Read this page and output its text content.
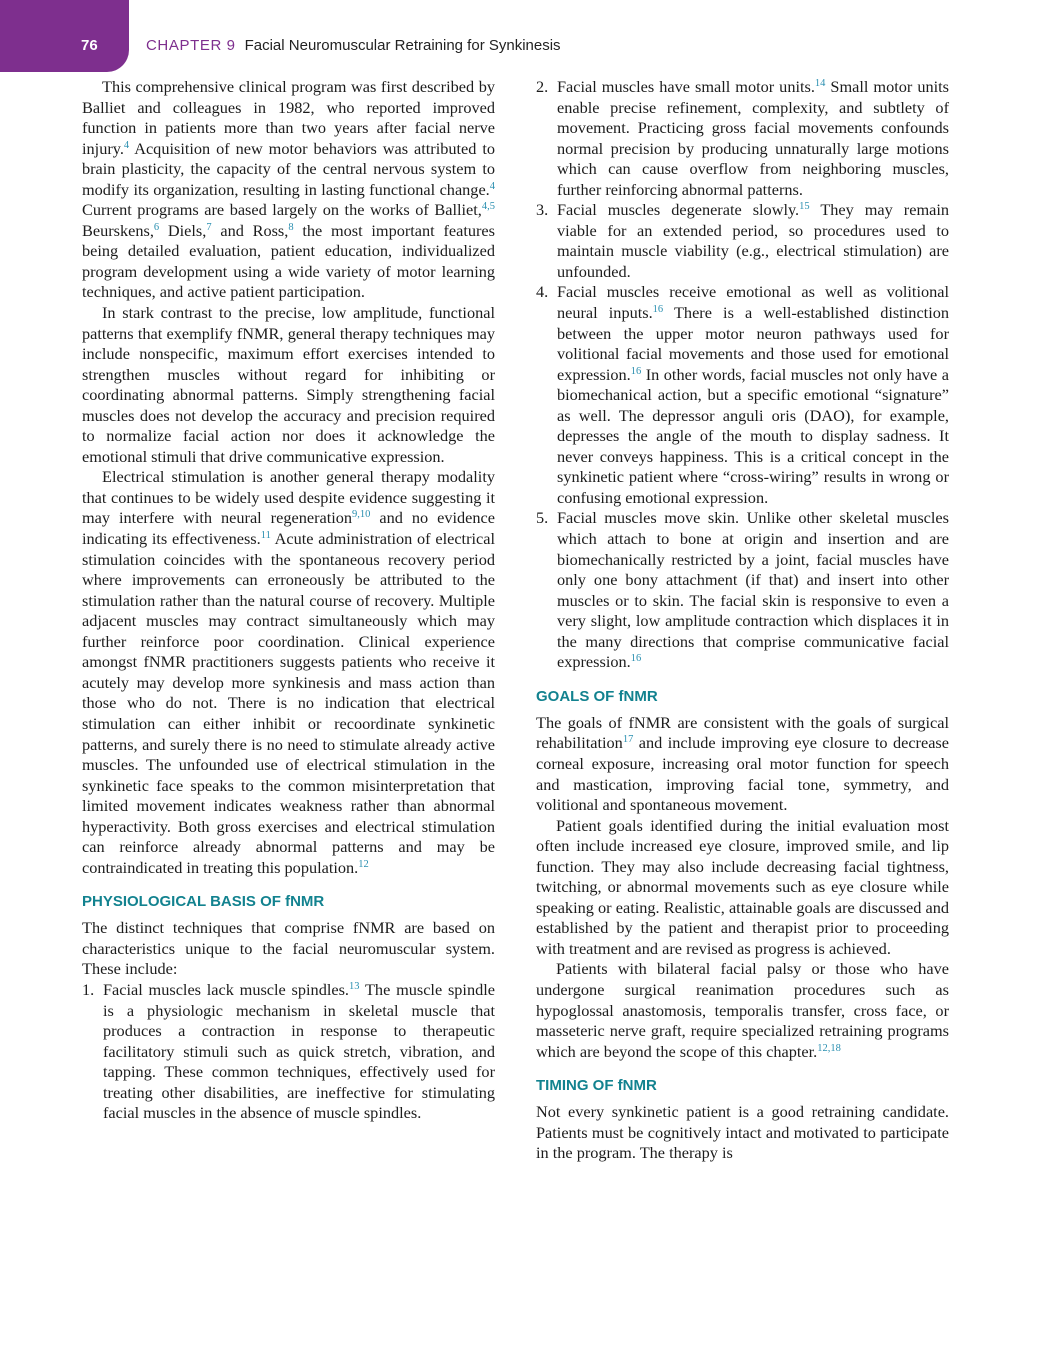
76	CHAPTER 9 Facial Neuromuscular Retraining for Synkinesis

This comprehensive clinical program was first described by Balliet and colleagues in 1982, who reported improved function in patients more than two years after facial nerve injury.$^4$ Acquisition of new motor behaviors was attributed to brain plasticity, the capacity of the central nervous system to modify its organization, resulting in lasting functional change.$^4$ Current programs are based largely on the works of Balliet,$^{4,5}$ Beurskens,$^6$ Diels,$^7$ and Ross,$^8$ the most important features being detailed evaluation, patient education, individualized program development using a wide variety of motor learning techniques, and active patient participation.

In stark contrast to the precise, low amplitude, functional patterns that exemplify fNMR, general therapy techniques may include nonspecific, maximum effort exercises intended to strengthen muscles without regard for inhibiting or coordinating abnormal patterns. Simply strengthening facial muscles does not develop the accuracy and precision required to normalize facial action nor does it acknowledge the emotional stimuli that drive communicative expression.

Electrical stimulation is another general therapy modality that continues to be widely used despite evidence suggesting it may interfere with neural regeneration$^{9,10}$ and no evidence indicating its effectiveness.$^{11}$ Acute administration of electrical stimulation coincides with the spontaneous recovery period where improvements can erroneously be attributed to the stimulation rather than the natural course of recovery. Multiple adjacent muscles may contract simultaneously which may further reinforce poor coordination. Clinical experience amongst fNMR practitioners suggests patients who receive it acutely may develop more synkinesis and mass action than those who do not. There is no indication that electrical stimulation can either inhibit or recoordinate synkinetic patterns, and surely there is no need to stimulate already active muscles. The unfounded use of electrical stimulation in the synkinetic face speaks to the common misinterpretation that limited movement indicates weakness rather than abnormal hyperactivity. Both gross exercises and electrical stimulation can reinforce already abnormal patterns and may be contraindicated in treating this population.$^{12}$

PHYSIOLOGICAL BASIS OF fNMR

The distinct techniques that comprise fNMR are based on characteristics unique to the facial neuromuscular system. These include:

1. Facial muscles lack muscle spindles.$^{13}$ The muscle spindle is a physiologic mechanism in skeletal muscle that produces a contraction in response to therapeutic facilitatory stimuli such as quick stretch, vibration, and tapping. These common techniques, effectively used for treating other disabilities, are ineffective for stimulating facial muscles in the absence of muscle spindles.
2. Facial muscles have small motor units.$^{14}$ Small motor units enable precise refinement, complexity, and subtlety of movement. Practicing gross facial movements confounds normal precision by producing unnaturally large motions which can cause overflow from neighboring muscles, further reinforcing abnormal patterns.
3. Facial muscles degenerate slowly.$^{15}$ They may remain viable for an extended period, so procedures used to maintain muscle viability (e.g., electrical stimulation) are unfounded.
4. Facial muscles receive emotional as well as volitional neural inputs.$^{16}$ There is a well-established distinction between the upper motor neuron pathways used for volitional facial movements and those used for emotional expression.$^{16}$ In other words, facial muscles not only have a biomechanical action, but a specific emotional “signature” as well. The depressor anguli oris (DAO), for example, depresses the angle of the mouth to display sadness. It never conveys happiness. This is a critical concept in the synkinetic patient where “cross-wiring” results in wrong or confusing emotional expression.
5. Facial muscles move skin. Unlike other skeletal muscles which attach to bone at origin and insertion and are biomechanically restricted by a joint, facial muscles have only one bony attachment (if that) and insert into other muscles or to skin. The facial skin is responsive to even a very slight, low amplitude contraction which displaces it in the many directions that comprise communicative facial expression.$^{16}$
GOALS OF fNMR

The goals of fNMR are consistent with the goals of surgical rehabilitation$^{17}$ and include improving eye closure to decrease corneal exposure, increasing oral motor function for speech and mastication, improving facial tone, symmetry, and volitional and spontaneous movement.

Patient goals identified during the initial evaluation most often include increased eye closure, improved smile, and lip function. They may also include decreasing facial tightness, twitching, or abnormal movements such as eye closure while speaking or eating. Realistic, attainable goals are discussed and established by the patient and therapist prior to proceeding with treatment and are revised as progress is achieved.

Patients with bilateral facial palsy or those who have undergone surgical reanimation procedures such as hypoglossal anastomosis, temporalis transfer, cross face, or masseteric nerve graft, require specialized retraining programs which are beyond the scope of this chapter.$^{12,18}$

TIMING OF fNMR

Not every synkinetic patient is a good retraining candidate. Patients must be cognitively intact and motivated to participate in the program. The therapy is
